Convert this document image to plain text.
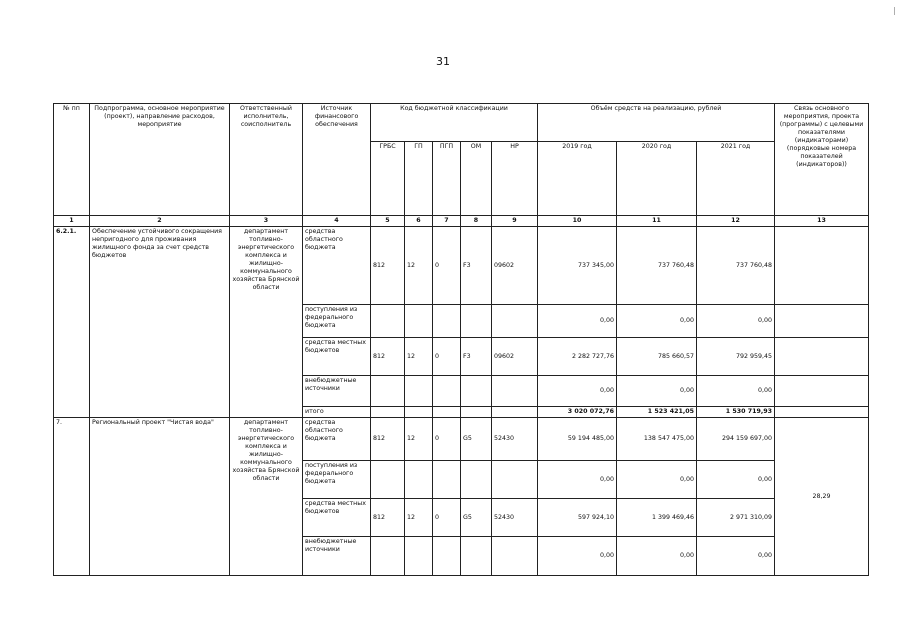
|
31
№ пп	Подпрограмма, основное мероприятие (проект), направление расходов, мероприятие	Ответственный исполнитель, соисполнитель	Источник финансового обеспечения	Код бюджетной классификации					Объём средств на реализацию, рублей			Связь основного мероприятия, проекта (программы) с целевыми показателями (индикаторами) (порядковые номера показателей (индикаторов))
				ГРБС	ГП	ПГП	ОМ	НР	2019 год	2020 год	2021 год	
1	2	3	4	5	6	7	8	9	10	11	12	13
6.2.1.	Обеспечение устойчивого сокращения непригодного для проживания жилищного фонда за счет средств бюджетов	департамент топливно-энергетического комплекса и жилищно-коммунального хозяйства Брянской области	средства областного бюджета	812	12	0	F3	09602	737 345,00	737 760,48	737 760,48	
			поступления из федерального бюджета						0,00	0,00	0,00	
			средства местных бюджетов	812	12	0	F3	09602	2 282 727,76	785 660,57	792 959,45	
			внебюджетные источники						0,00	0,00	0,00	
			итого						3 020 072,76	1 523 421,05	1 530 719,93	
7.	Региональный проект "Чистая вода"	департамент топливно-энергетического комплекса и жилищно-коммунального хозяйства Брянской области	средства областного бюджета	812	12	0	G5	52430	59 194 485,00	138 547 475,00	294 159 697,00	28,29
			поступления из федерального бюджета						0,00	0,00	0,00	
			средства местных бюджетов	812	12	0	G5	52430	597 924,10	1 399 469,46	2 971 310,09	
			внебюджетные источники						0,00	0,00	0,00	
